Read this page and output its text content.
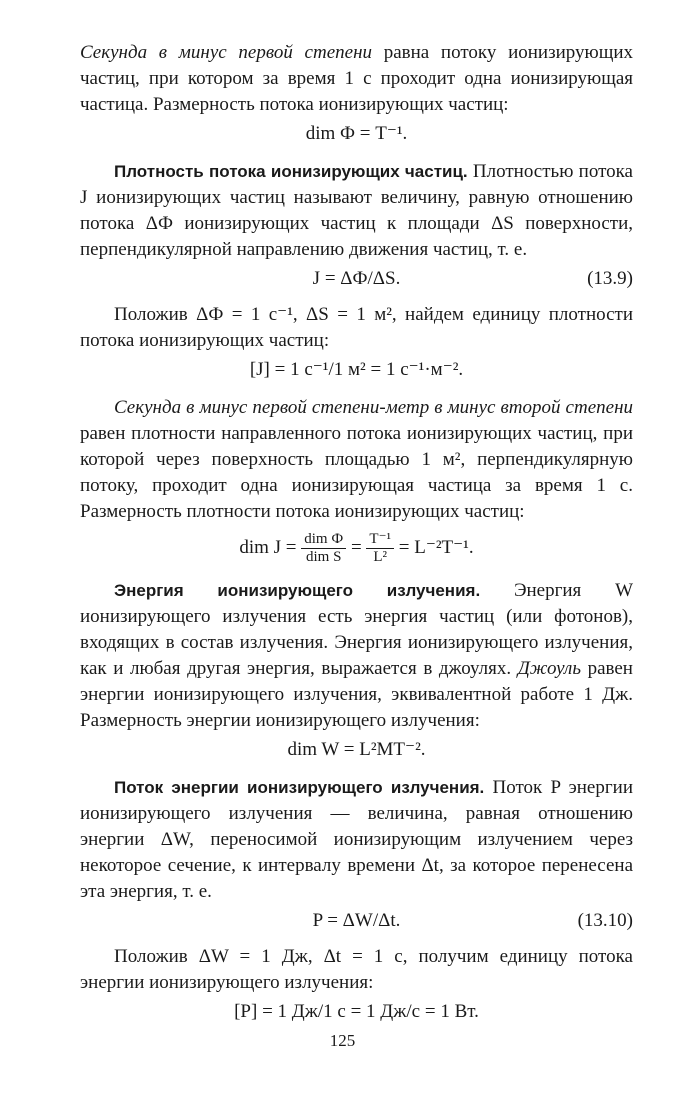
Секунда в минус первой степени равна потоку ионизирующих частиц, при котором за время 1 с проходит одна ионизирующая частица. Размерность потока ионизирующих частиц:

dim Ф = T⁻¹.

Плотность потока ионизирующих частиц. Плотностью потока J ионизирующих частиц называют величину, равную отношению потока ΔФ ионизирующих частиц к площади ΔS поверхности, перпендикулярной направлению движения частиц, т. е.

J = ΔФ/ΔS.	(13.9)

Положив ΔФ = 1 с⁻¹, ΔS = 1 м², найдем единицу плотности потока ионизирующих частиц:

[J] = 1 с⁻¹/1 м² = 1 с⁻¹·м⁻².

Секунда в минус первой степени-метр в минус второй степени равен плотности направленного потока ионизирующих частиц, при которой через поверхность площадью 1 м², перпендикулярную потоку, проходит одна ионизирующая частица за время 1 с. Размерность плотности потока ионизирующих частиц:

dim $J = \frac{\text{dim Ф}}{\text{dim S}} = \frac{\text{T⁻¹}}{\text{L²}} = L^{-2}T^{-1}$.

Энергия ионизирующего излучения. Энергия W ионизирующего излучения есть энергия частиц (или фотонов), входящих в состав излучения. Энергия ионизирующего излучения, как и любая другая энергия, выражается в джоулях. Джоуль равен энергии ионизирующего излучения, эквивалентной работе 1 Дж. Размерность энергии ионизирующего излучения:

dim W = L²MT⁻².

Поток энергии ионизирующего излучения. Поток P энергии ионизирующего излучения — величина, равная отношению энергии ΔW, переносимой ионизирующим излучением через некоторое сечение, к интервалу времени Δt, за которое перенесена эта энергия, т. е.

P = ΔW/Δt.	(13.10)

Положив ΔW = 1 Дж, Δt = 1 с, получим единицу потока энергии ионизирующего излучения:

[P] = 1 Дж/1 с = 1 Дж/с = 1 Вт.
125
